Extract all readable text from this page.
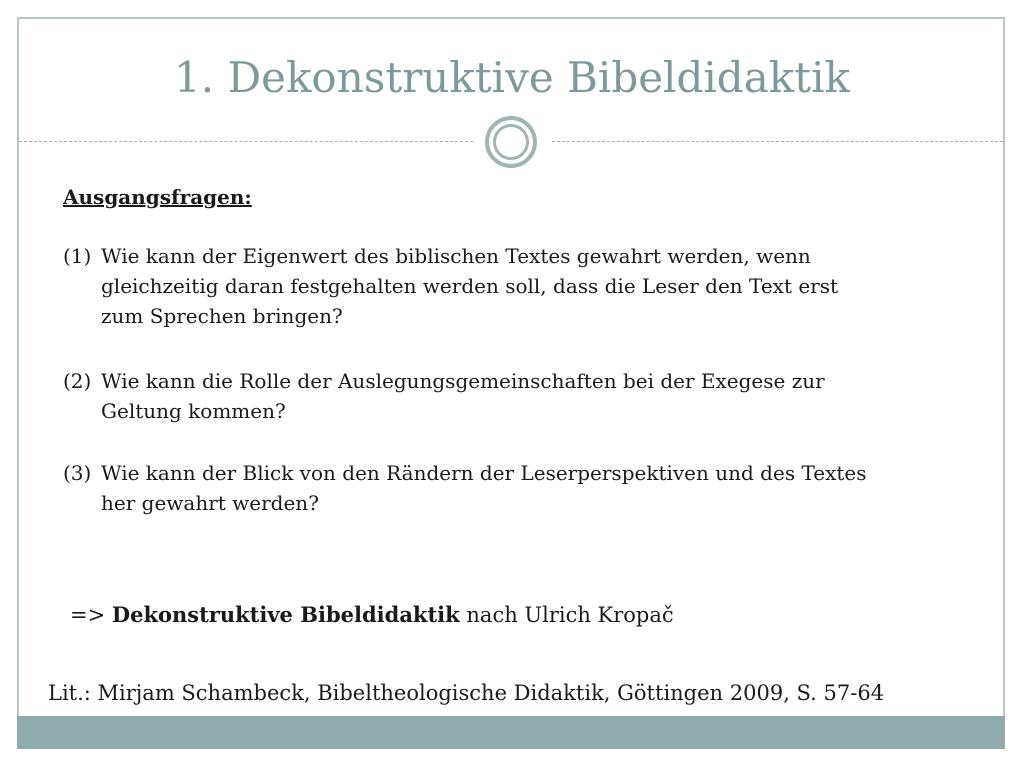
1. Dekonstruktive Bibeldidaktik
Ausgangsfragen:
(1) Wie kann der Eigenwert des biblischen Textes gewahrt werden, wenn
gleichzeitig daran festgehalten werden soll, dass die Leser den Text erst
zum Sprechen bringen?
(2) Wie kann die Rolle der Auslegungsgemeinschaften bei der Exegese zur
Geltung kommen?
(3) Wie kann der Blick von den Rändern der Leserperspektiven und des Textes
her gewahrt werden?
=> Dekonstruktive Bibeldidaktik nach Ulrich Kropač
Lit.: Mirjam Schambeck, Bibeltheologische Didaktik, Göttingen 2009, S. 57-64
